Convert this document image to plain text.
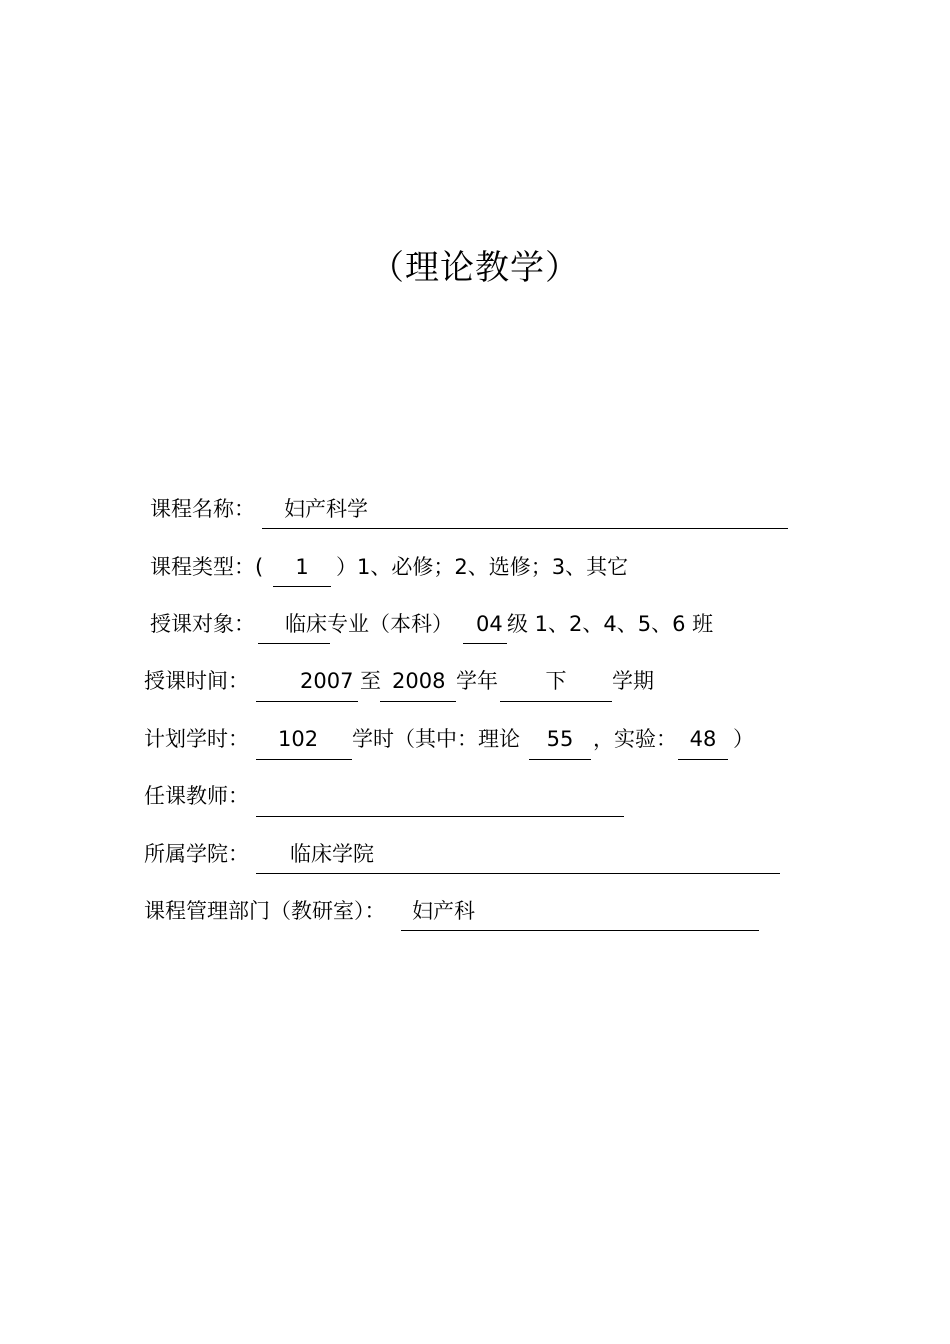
（理论教学）
课程名称： 妇产科学
课程类型：(	1	）1、必修；2、选修；3、其它
授课对象： 临床专业（本科） 04 级 1、2、4、5、6 班
授课时间： 2007 至 2008 学年	下	学期
计划学时： 102 学时（其中：理论	55 ，实验： 48 ）
任课教师：
所属学院： 临床学院
课程管理部门（教研室）： 妇产科
